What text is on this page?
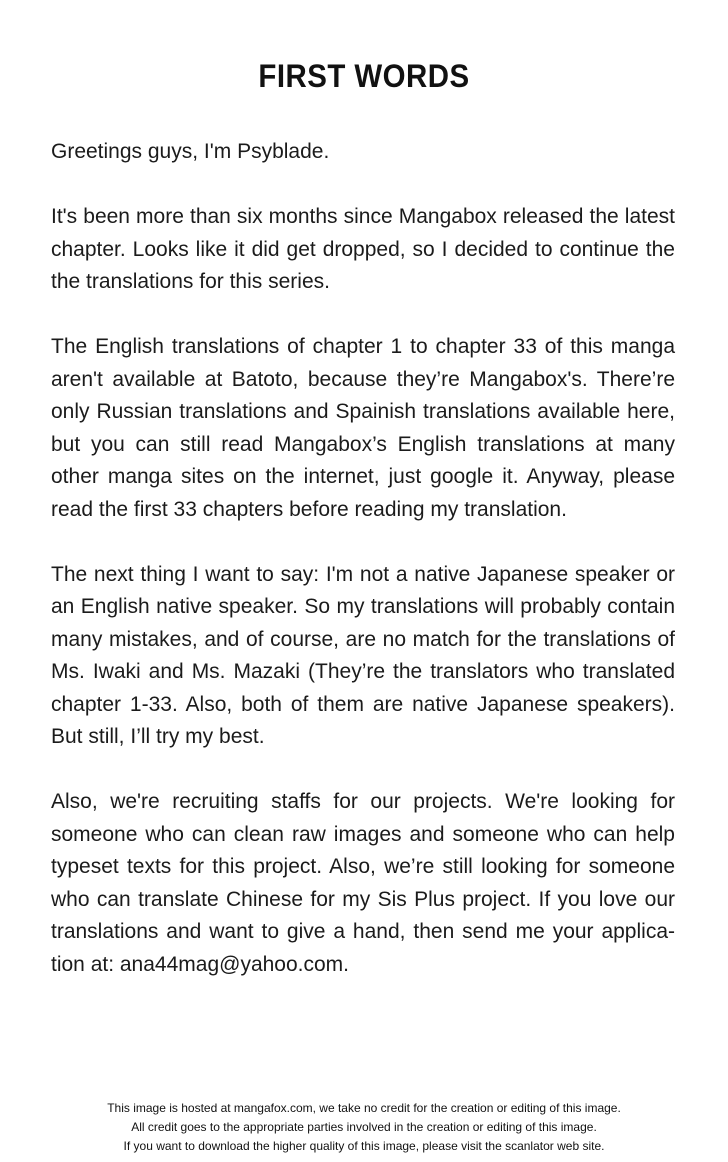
FIRST WORDS

Greetings guys, I'm Psyblade.

It's been more than six months since Mangabox released the latest chapter. Looks like it did get dropped, so I decided to continue the the translations for this series.

The English translations of chapter 1 to chapter 33 of this manga aren't available at Batoto, because they’re Mangabox's. There’re only Russian translations and Spainish translations available here, but you can still read Mangabox’s English translations at many other manga sites on the internet, just google it. Anyway, please read the first 33 chapters before reading my translation.

The next thing I want to say: I'm not a native Japanese speaker or an English native speaker. So my translations will probably contain many mistakes, and of course, are no match for the translations of Ms. Iwaki and Ms. Mazaki (They’re the translators who translated chapter 1-33. Also, both of them are native Japanese speakers). But still, I’ll try my best.

Also, we're recruiting staffs for our projects. We're looking for someone who can clean raw images and someone who can help typeset texts for this project. Also, we’re still looking for someone who can translate Chinese for my Sis Plus project. If you love our translations and want to give a hand, then send me your applica-tion at: ana44mag@yahoo.com.

This image is hosted at mangafox.com, we take no credit for the creation or editing of this image.
All credit goes to the appropriate parties involved in the creation or editing of this image.
If you want to download the higher quality of this image, please visit the scanlator web site.
